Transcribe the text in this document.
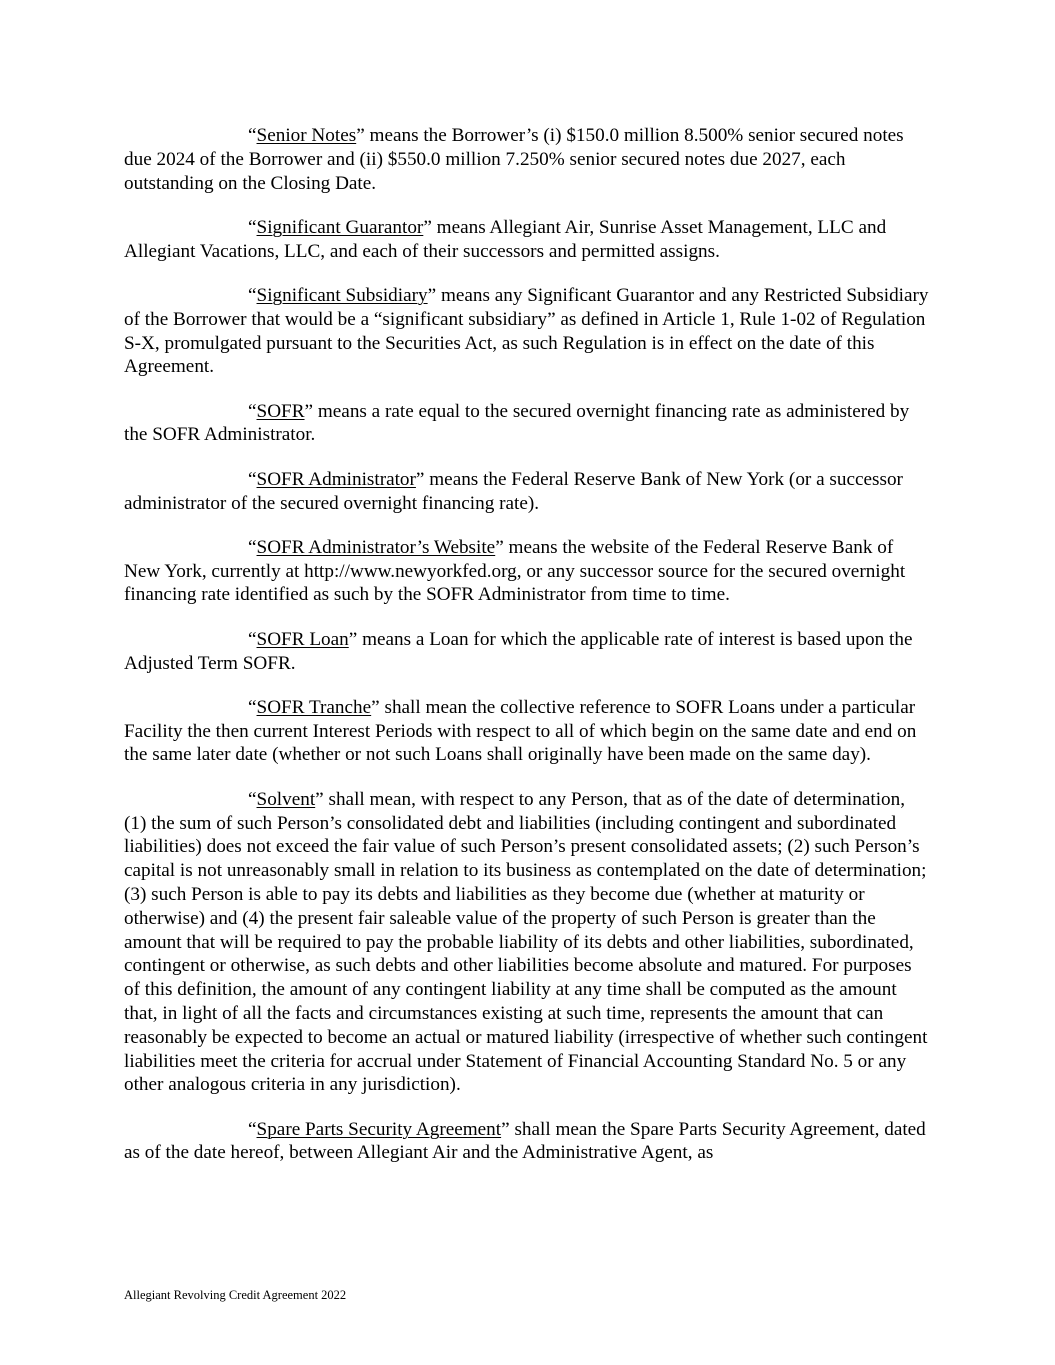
“Senior Notes” means the Borrower’s (i) $150.0 million 8.500% senior secured notes due 2024 of the Borrower and (ii) $550.0 million 7.250% senior secured notes due 2027, each outstanding on the Closing Date.

“Significant Guarantor” means Allegiant Air, Sunrise Asset Management, LLC and Allegiant Vacations, LLC, and each of their successors and permitted assigns.

“Significant Subsidiary” means any Significant Guarantor and any Restricted Subsidiary of the Borrower that would be a “significant subsidiary” as defined in Article 1, Rule 1-02 of Regulation S-X, promulgated pursuant to the Securities Act, as such Regulation is in effect on the date of this Agreement.

“SOFR” means a rate equal to the secured overnight financing rate as administered by the SOFR Administrator.

“SOFR Administrator” means the Federal Reserve Bank of New York (or a successor administrator of the secured overnight financing rate).

“SOFR Administrator’s Website” means the website of the Federal Reserve Bank of New York, currently at http://www.newyorkfed.org, or any successor source for the secured overnight financing rate identified as such by the SOFR Administrator from time to time.

“SOFR Loan” means a Loan for which the applicable rate of interest is based upon the Adjusted Term SOFR.

“SOFR Tranche” shall mean the collective reference to SOFR Loans under a particular Facility the then current Interest Periods with respect to all of which begin on the same date and end on the same later date (whether or not such Loans shall originally have been made on the same day).

“Solvent” shall mean, with respect to any Person, that as of the date of determination, (1) the sum of such Person’s consolidated debt and liabilities (including contingent and subordinated liabilities) does not exceed the fair value of such Person’s present consolidated assets; (2) such Person’s capital is not unreasonably small in relation to its business as contemplated on the date of determination; (3) such Person is able to pay its debts and liabilities as they become due (whether at maturity or otherwise) and (4) the present fair saleable value of the property of such Person is greater than the amount that will be required to pay the probable liability of its debts and other liabilities, subordinated, contingent or otherwise, as such debts and other liabilities become absolute and matured. For purposes of this definition, the amount of any contingent liability at any time shall be computed as the amount that, in light of all the facts and circumstances existing at such time, represents the amount that can reasonably be expected to become an actual or matured liability (irrespective of whether such contingent liabilities meet the criteria for accrual under Statement of Financial Accounting Standard No. 5 or any other analogous criteria in any jurisdiction).

“Spare Parts Security Agreement” shall mean the Spare Parts Security Agreement, dated as of the date hereof, between Allegiant Air and the Administrative Agent, as

Allegiant Revolving Credit Agreement 2022
